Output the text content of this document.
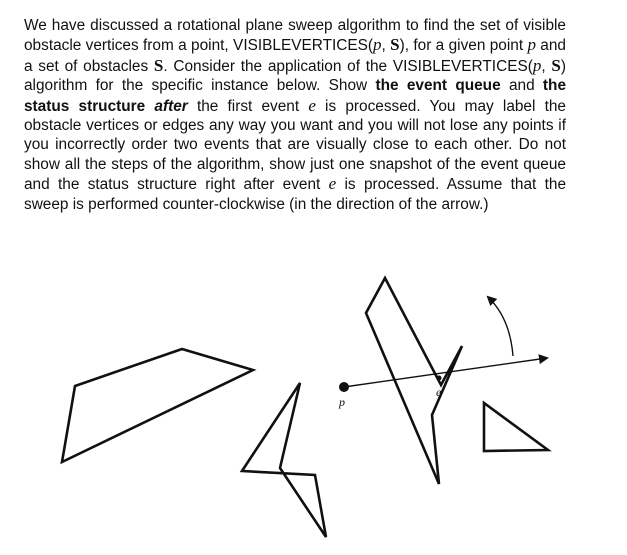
We have discussed a rotational plane sweep algorithm to find the set of visible obstacle vertices from a point, VISIBLEVERTICES(p, S), for a given point p and a set of obstacles S. Consider the application of the VISIBLEVERTICES(p, S) algorithm for the specific instance below. Show the event queue and the status structure after the first event e is processed. You may label the obstacle vertices or edges any way you want and you will not lose any points if you incorrectly order two events that are visually close to each other. Do not show all the steps of the algorithm, show just one snapshot of the event queue and the status structure right after event e is processed. Assume that the sweep is performed counter-clockwise (in the direction of the arrow.)
p
e
